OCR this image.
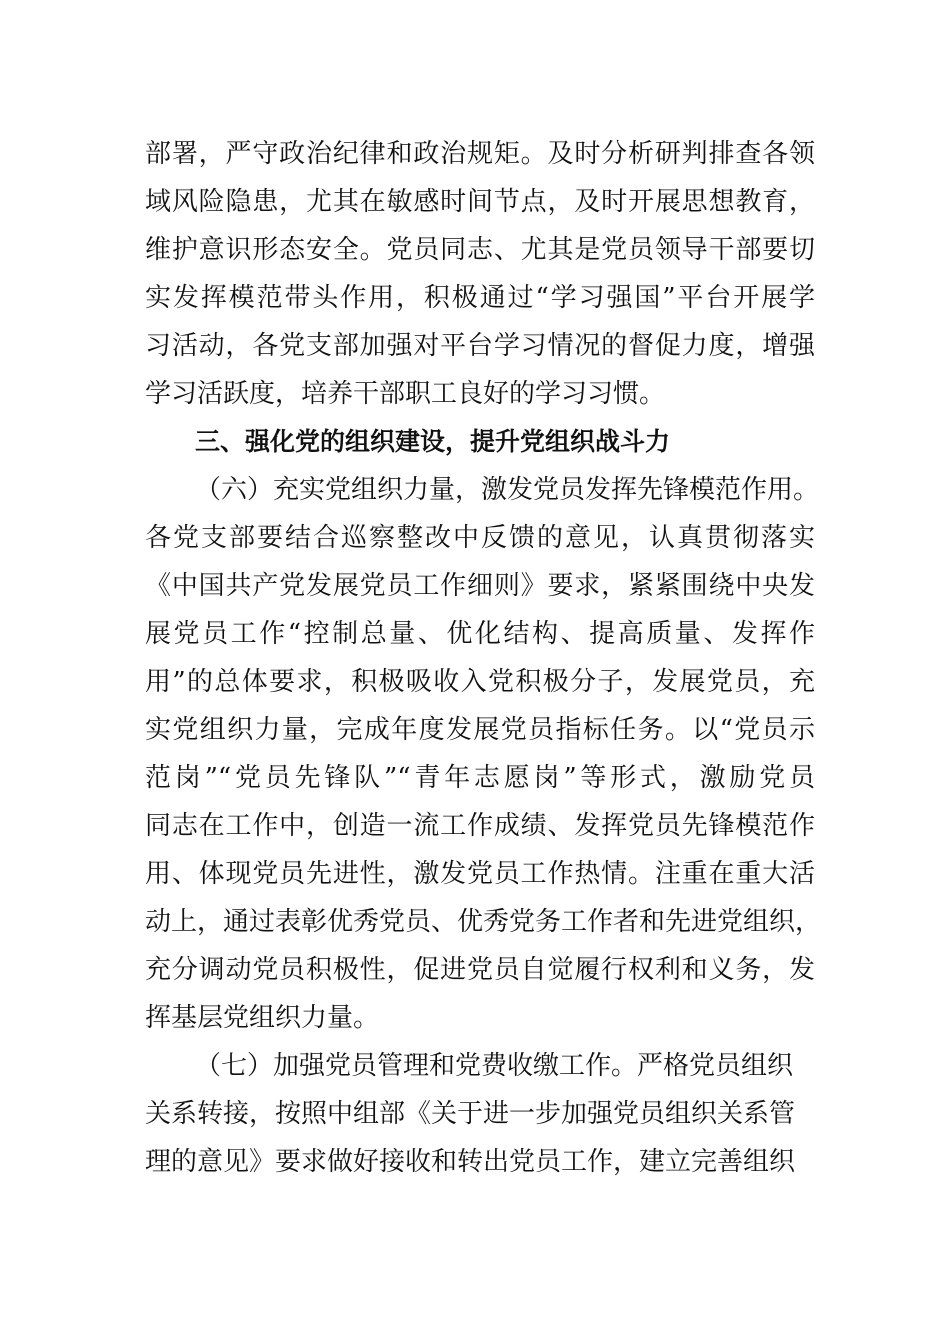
部署，严守政治纪律和政治规矩。及时分析研判排查各领
域风险隐患，尤其在敏感时间节点，及时开展思想教育，
维护意识形态安全。党员同志、尤其是党员领导干部要切
实发挥模范带头作用，积极通过“学习强国”平台开展学
习活动，各党支部加强对平台学习情况的督促力度，增强
学习活跃度，培养干部职工良好的学习习惯。
三、强化党的组织建设，提升党组织战斗力
（六）充实党组织力量，激发党员发挥先锋模范作用。
各党支部要结合巡察整改中反馈的意见，认真贯彻落实
《中国共产党发展党员工作细则》要求，紧紧围绕中央发
展党员工作“控制总量、优化结构、提高质量、发挥作
用”的总体要求，积极吸收入党积极分子，发展党员，充
实党组织力量，完成年度发展党员指标任务。以“党员示
范岗”“党员先锋队”“青年志愿岗”等形式，激励党员
同志在工作中，创造一流工作成绩、发挥党员先锋模范作
用、体现党员先进性，激发党员工作热情。注重在重大活
动上，通过表彰优秀党员、优秀党务工作者和先进党组织，
充分调动党员积极性，促进党员自觉履行权利和义务，发
挥基层党组织力量。
（七）加强党员管理和党费收缴工作。严格党员组织
关系转接，按照中组部《关于进一步加强党员组织关系管
理的意见》要求做好接收和转出党员工作，建立完善组织
